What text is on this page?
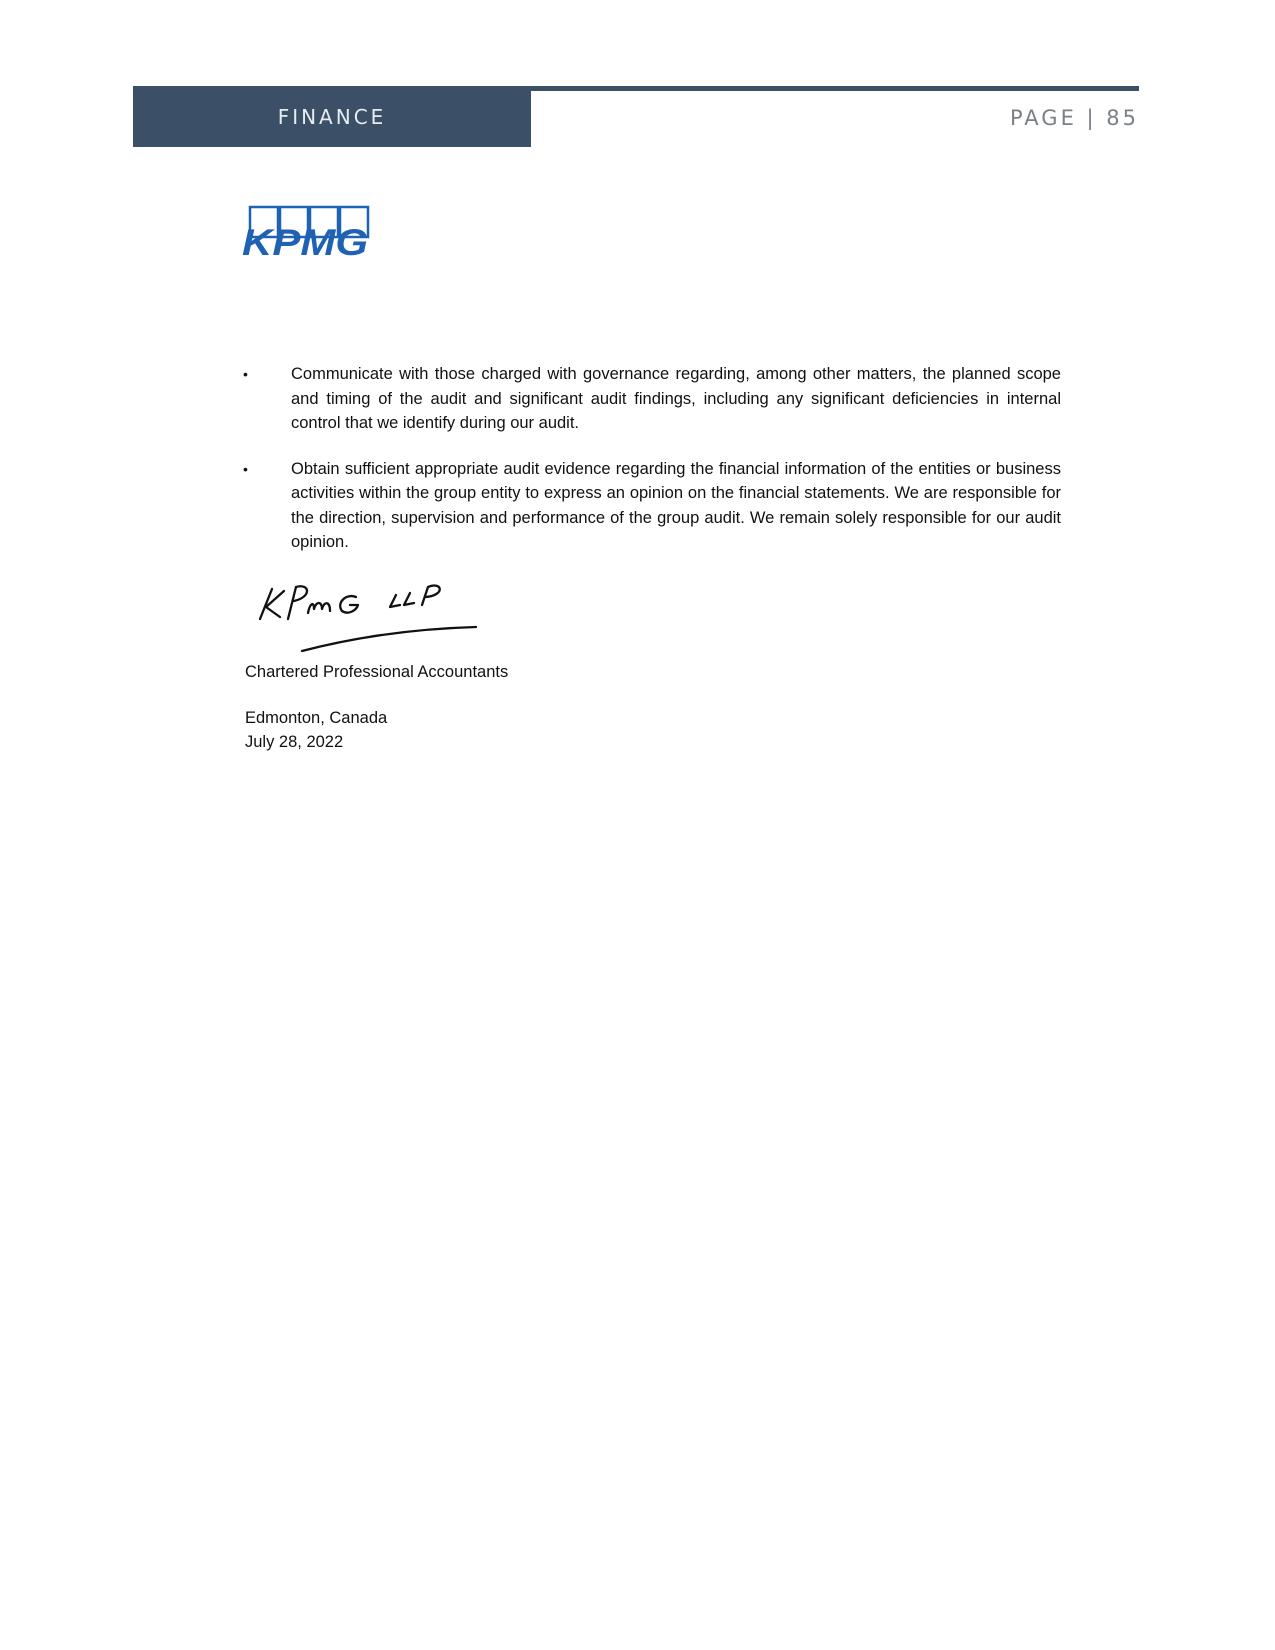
FINANCE	PAGE | 85
KPMG
•	Communicate with those charged with governance regarding, among other matters, the planned scope and timing of the audit and significant audit findings, including any significant deficiencies in internal control that we identify during our audit.
•	Obtain sufficient appropriate audit evidence regarding the financial information of the entities or business activities within the group entity to express an opinion on the financial statements. We are responsible for the direction, supervision and performance of the group audit. We remain solely responsible for our audit opinion.
Chartered Professional Accountants
Edmonton, Canada
July 28, 2022
